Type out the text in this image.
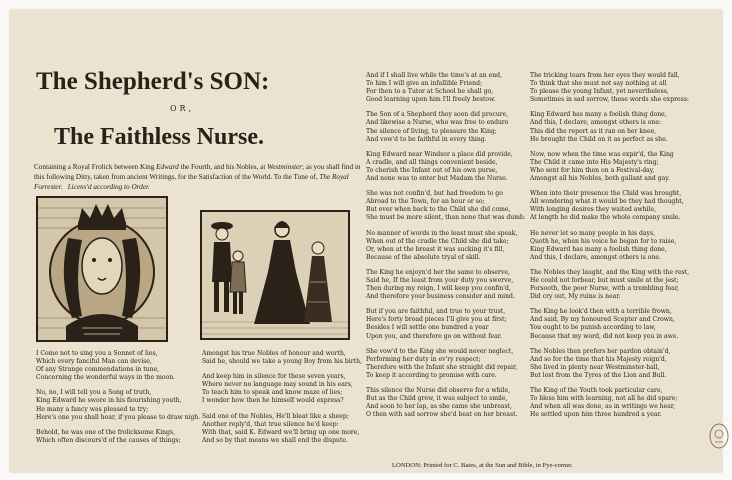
The Shepherd's SON:
OR,
The Faithless Nurse.
Containing a Royal Frolick between King Edward the Fourth, and his Nobles, at Westminster; as you shall find in this following Ditty, taken from ancient Writings, for the Satisfaction of the World. To the Tune of, The Royal Forrester. Licens'd according to Order.
I Come not to sing you a Sonnet of lies,
Which every fanciful Man can devise,
Of any Strange commendations in tune,
Concerning the wonderful ways in the moon.
No, no, I will tell you a Song of truth,
King Edward he swore in his flourishing youth,
He many a fancy was pleased to try;
Here's one you shall hear, if you please to draw nigh.
Behold, he was one of the frolicksome Kings,
Which often discours'd of the causes of things;
Amongst his true Nobles of honour and worth,
Said he, should we take a young Boy from his birth,
And keep him in silence for these seven years,
Where never no language may sound in his ears,
To teach him to speak and know maze of lies;
I wonder how then he himself would express?
Said one of the Nobles, He'll bleat like a sheep;
Another reply'd, that true silence he'd keep:
With that, said K. Edward we'll bring up one more,
And so by that means we shall end the dispute.
And if I shall live while the time's at an end,
To him I will give an infallible Friend;
For then to a Tutor at School he shall go,
Good learning upon him I'll freely bestow.
The Son of a Shepherd they soon did procure,
And likewise a Nurse, who was free to endure
The silence of living, to pleasure the King;
And vow'd to be faithful in every thing.
King Edward near Windsor a place did provide,
A cradle, and all things convenient beside,
To cherish the Infant out of his own purse,
And none was to enter but Madam the Nurse.
She was not confin'd, but had freedom to go
Abroad to the Town, for an hour or so;
But ever when back to the Child she did come,
She must be more silent, than none that was dumb.
No manner of words in the least must she speak,
When out of the cradle the Child she did take;
Or, when at the breast it was sucking it's fill,
Because of the absolute tryal of skill.
The King he enjoyn'd her the same to observe,
Said he, If the least from your duty you swerve,
Then during my reign, I will keep you confin'd,
And therefore your business consider and mind.
But if you are faithful, and true to your trust,
Here's forty broad pieces I'll give you at first;
Besides I will settle one hundred a year
Upon you, and therefore go on without fear.
She vow'd to the King she would never neglect,
Performing her duty in ev'ry respect;
Therefore with the Infant she straight did repair,
To keep it according to promise with care.
This silence the Nurse did observe for a while,
But as the Child grew, it was subject to smile,
And soon to her lap, as she came she unbreast,
O then with sad sorrow she'd beat on her breast.
The tricking tears from her eyes they would fall,
To think that she must not say nothing at all
To please the young Infant, yet nevertheless,
Sometimes in sad sorrow, these words she express:
King Edward has many a foolish thing done,
And this, I declare, amongst others is one:
This did the report as it ran on her knee,
He brought the Child on it as perfect as she.
Now, now when the time was expir'd, the King
The Child it came into His Majesty's ring;
Who sent for him then on a Festival-day,
Amongst all his Nobles, both gallant and gay.
When into their presence the Child was brought,
All wondering what it would be they had thought,
With longing desires they waited awhile,
At length he did make the whole company smile.
He never let so many people in his days,
Quoth he, when his voice he began for to raise,
King Edward has many a foolish thing done,
And this, I declare, amongst others is one.
The Nobles they laught, and the King with the rest,
He could not forbear, but must smile at the jest;
Forsooth, the poor Nurse, with a trembling fear,
Did cry out, My ruine is near.
The King he look'd then with a terrible frown,
And said, By my honoured Scepter and Crown,
You ought to be punish according to law,
Because that my word, did not keep you in awe.
The Nobles then prefers her pardon obtain'd,
And so for the time that his Majesty reign'd,
She lived in plenty near Westminster-hall,
But lost from the Tyres of the Lion and Bull.
The King of the Youth took particular care,
To bless him with learning, not all he did spare;
And when all was done, as in writings we hear,
He settled upon him three hundred a year.
LONDON: Printed for C. Bates, at the Sun and Bible, in Pye-corner.
